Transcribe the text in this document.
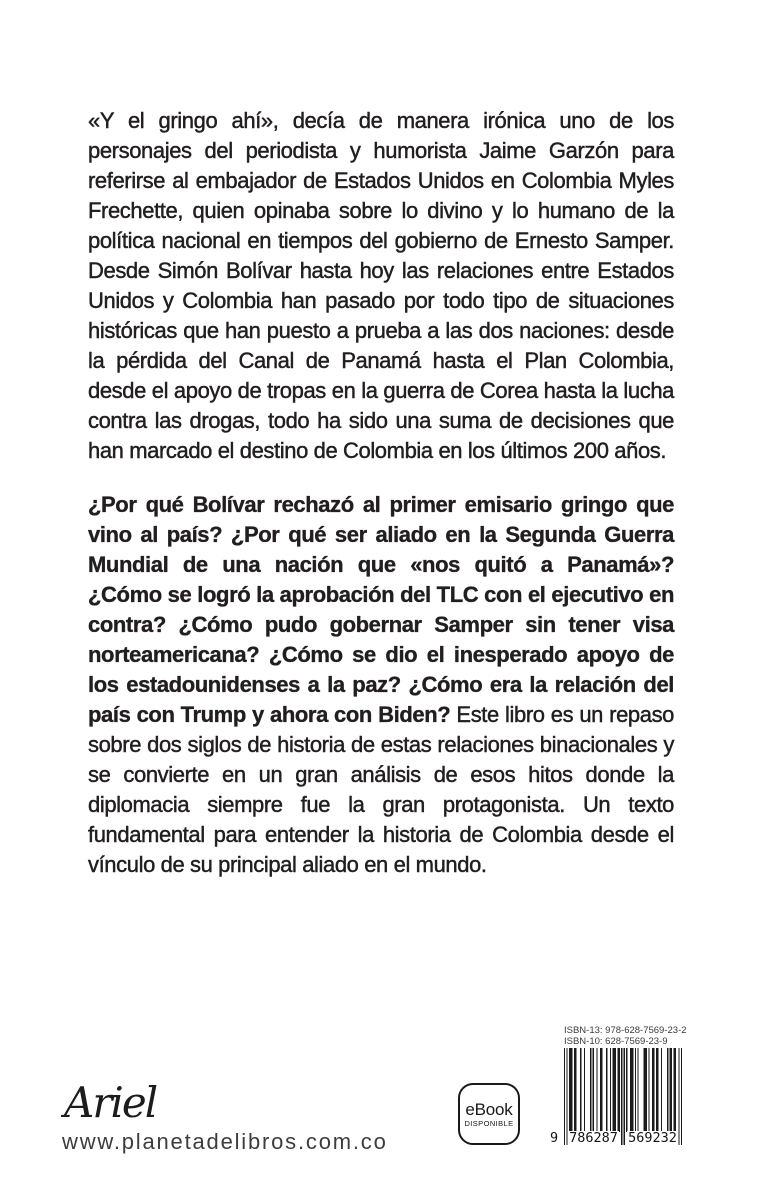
«Y el gringo ahí», decía de manera irónica uno de los personajes del periodista y humorista Jaime Garzón para referirse al embajador de Estados Unidos en Colombia Myles Frechette, quien opinaba sobre lo divino y lo humano de la política nacional en tiempos del gobierno de Ernesto Samper. Desde Simón Bolívar hasta hoy las relaciones entre Estados Unidos y Colombia han pasado por todo tipo de situaciones históricas que han puesto a prueba a las dos naciones: desde la pérdida del Canal de Panamá hasta el Plan Colombia, desde el apoyo de tropas en la guerra de Corea hasta la lucha contra las drogas, todo ha sido una suma de decisiones que han marcado el destino de Colombia en los últimos 200 años.

¿Por qué Bolívar rechazó al primer emisario gringo que vino al país? ¿Por qué ser aliado en la Segunda Guerra Mundial de una nación que «nos quitó a Panamá»? ¿Cómo se logró la aprobación del TLC con el ejecutivo en contra? ¿Cómo pudo gobernar Samper sin tener visa norteamericana? ¿Cómo se dio el inesperado apoyo de los estadounidenses a la paz? ¿Cómo era la relación del país con Trump y ahora con Biden? Este libro es un repaso sobre dos siglos de historia de estas relaciones binacionales y se convierte en un gran análisis de esos hitos donde la diplomacia siempre fue la gran protagonista. Un texto fundamental para entender la historia de Colombia desde el vínculo de su principal aliado en el mundo.

Ariel
www.planetadelibros.com.co
eBook
DISPONIBLE
ISBN-13: 978-628-7569-23-2
ISBN-10: 628-7569-23-9
9 786287 569232
